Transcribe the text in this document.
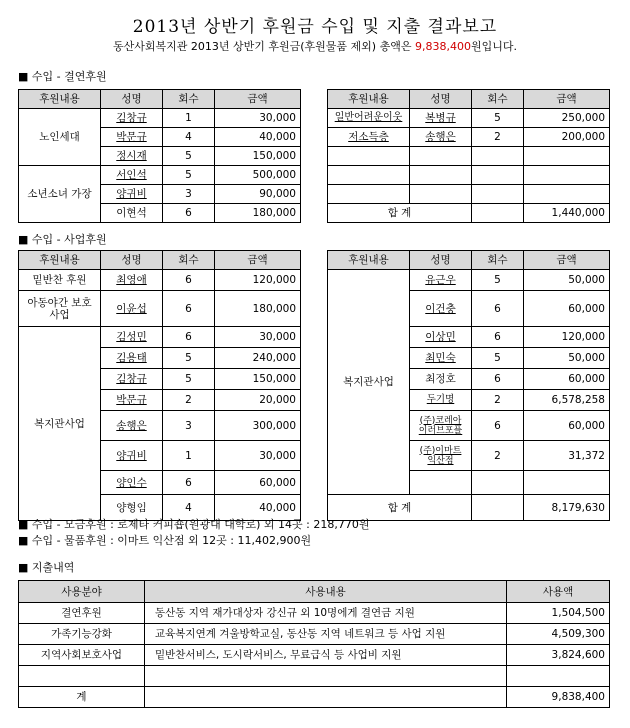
2013년 상반기 후원금 수입 및 지출 결과보고
동산사회복지관 2013년 상반기 후원금(후원물품 제외) 총액은 9,838,400원입니다.
■ 수입 - 결연후원
후원내용	성명	회수	금액
노인세대	김창규	1	30,000
	박문규	4	40,000
	정시재	5	150,000
소년소녀 가장	서인석	5	500,000
	양귀비	3	90,000
	이현석	6	180,000
후원내용	성명	회수	금액
일반어려운이웃	복병규	5	250,000
저소득층	송행은	2	200,000

합 계			1,440,000
■ 수입 - 사업후원
후원내용	성명	회수	금액
밑반찬 후원	최영애	6	120,000
아동야간 보호사업	이윤섭	6	180,000
복지관사업	김성민	6	30,000
	김용태	5	240,000
	김창규	5	150,000
	박문규	2	20,000
	송행은	3	300,000
	양귀비	1	30,000
	양인수	6	60,000
	양형임	4	40,000
후원내용	성명	회수	금액
복지관사업	유근우	5	50,000
	이건충	6	60,000
	이상민	6	120,000
	최민숙	5	50,000
	최정호	6	60,000
	두기명	2	6,578,258
	(주)코레아 이러브포플	6	60,000
	(주)이마트 익산점	2	31,372

합 계			8,179,630
■ 수입 - 모금후원 : 로제타 커피숍(원광대 대학로) 외 14곳 : 218,770원
■ 수입 - 물품후원 : 이마트 익산점 외 12곳 : 11,402,900원
■ 지출내역
사용분야	사용내용	사용액
결연후원	동산동 지역 재가대상자 강신규 외 10명에게 결연금 지원	1,504,500
가족기능강화	교육복지연계 겨울방학교실, 동산동 지역 네트워크 등 사업 지원	4,509,300
지역사회보호사업	밑반찬서비스, 도시락서비스, 무료급식 등 사업비 지원	3,824,600

계		9,838,400
